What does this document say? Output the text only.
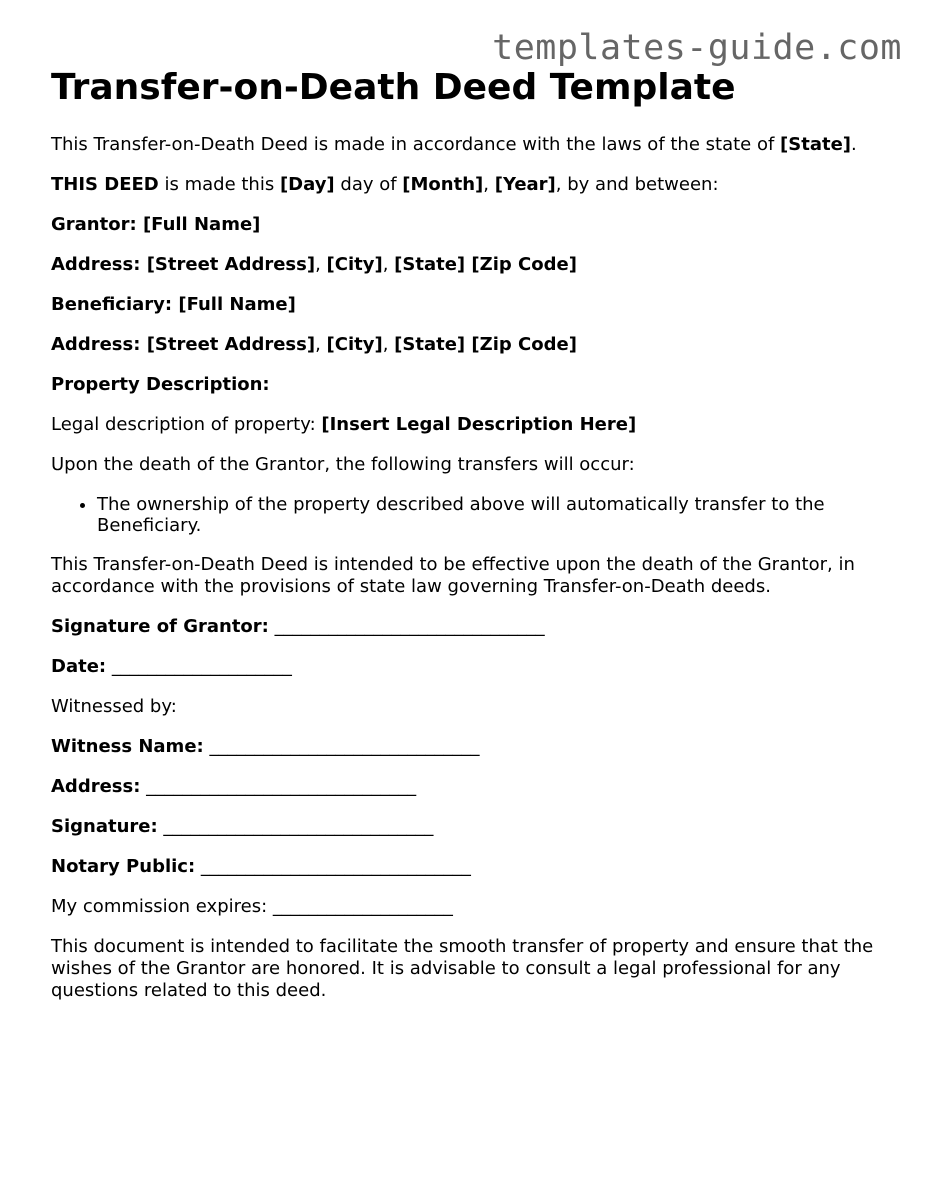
templates-guide.com
Transfer-on-Death Deed Template

This Transfer-on-Death Deed is made in accordance with the laws of the state of [State].

THIS DEED is made this [Day] day of [Month], [Year], by and between:

Grantor: [Full Name]

Address: [Street Address], [City], [State] [Zip Code]

Beneficiary: [Full Name]

Address: [Street Address], [City], [State] [Zip Code]

Property Description:

Legal description of property: [Insert Legal Description Here]

Upon the death of the Grantor, the following transfers will occur:

• The ownership of the property described above will automatically transfer to the Beneficiary.

This Transfer-on-Death Deed is intended to be effective upon the death of the Grantor, in accordance with the provisions of state law governing Transfer-on-Death deeds.

Signature of Grantor: ______________________________

Date: ____________________

Witnessed by:

Witness Name: ______________________________

Address: ______________________________

Signature: ______________________________

Notary Public: ______________________________

My commission expires: ____________________

This document is intended to facilitate the smooth transfer of property and ensure that the wishes of the Grantor are honored. It is advisable to consult a legal professional for any questions related to this deed.
